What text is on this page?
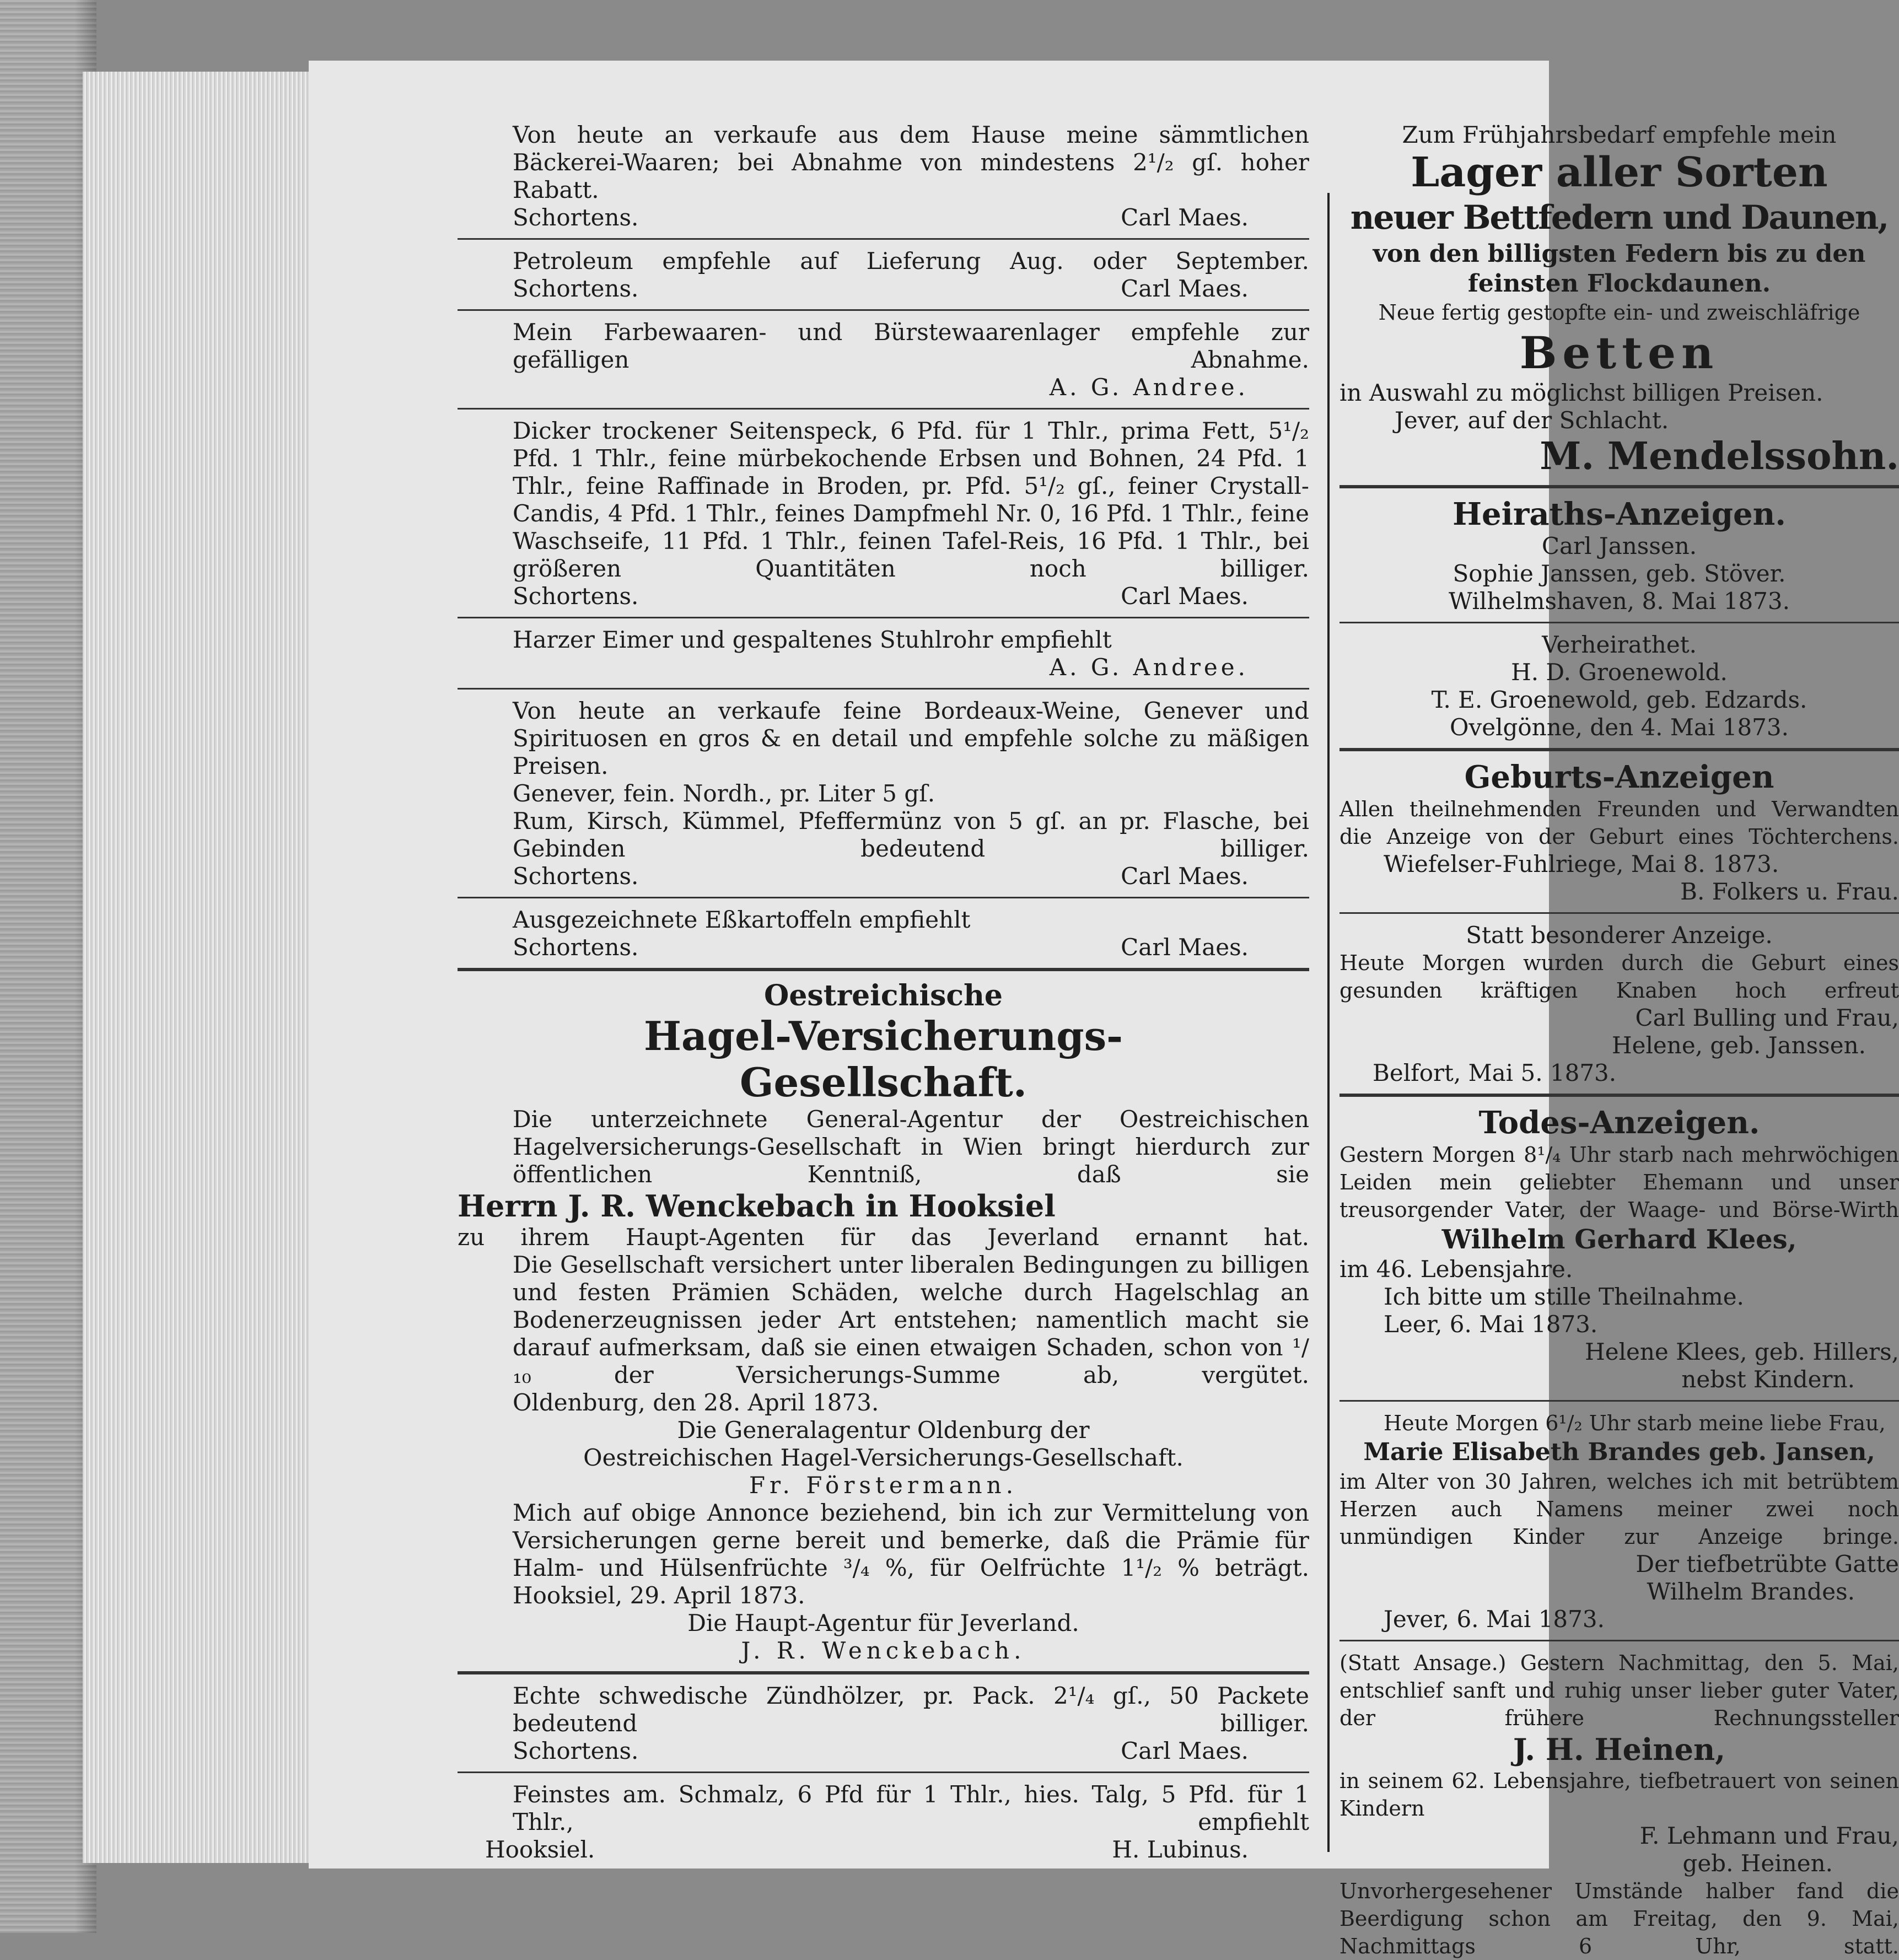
Von heute an verkaufe aus dem Hause meine sämmtlichen Bäckerei-Waaren; bei Abnahme von mindestens 2¹/₂ gſ. hoher Rabatt.

Schortens.	Carl Maes.

Petroleum empfehle auf Lieferung Aug. oder September.

Schortens.	Carl Maes.

Mein Farbewaaren- und Bürstewaarenlager empfehle zur gefälligen Abnahme.

A. G. Andree.

Dicker trockener Seitenspeck, 6 Pfd. für 1 Thlr., prima Fett, 5¹/₂ Pfd. 1 Thlr., feine mürbekochende Erbsen und Bohnen, 24 Pfd. 1 Thlr., feine Raffinade in Broden, pr. Pfd. 5¹/₂ gſ., feiner Crystall-Candis, 4 Pfd. 1 Thlr., feines Dampfmehl Nr. 0, 16 Pfd. 1 Thlr., feine Waschseife, 11 Pfd. 1 Thlr., feinen Tafel-Reis, 16 Pfd. 1 Thlr., bei größeren Quantitäten noch billiger.

Schortens.	Carl Maes.

Harzer Eimer und gespaltenes Stuhlrohr empfiehlt

A. G. Andree.

Von heute an verkaufe feine Bordeaux-Weine, Genever und Spirituosen en gros & en detail und empfehle solche zu mäßigen Preisen.

Genever, fein. Nordh., pr. Liter 5 gſ.

Rum, Kirsch, Kümmel, Pfeffermünz von 5 gſ. an pr. Flasche, bei Gebinden bedeutend billiger.

Schortens.	Carl Maes.

Ausgezeichnete Eßkartoffeln empfiehlt

Schortens.	Carl Maes.

Oestreichische

Hagel-Versicherungs-

Gesellschaft.

Die unterzeichnete General-Agentur der Oestreichischen Hagelversicherungs-Gesellschaft in Wien bringt hierdurch zur öffentlichen Kenntniß, daß sie

Herrn J. R. Wenckebach in Hooksiel

zu ihrem Haupt-Agenten für das Jeverland ernannt hat.

Die Gesellschaft versichert unter liberalen Bedingungen zu billigen und festen Prämien Schäden, welche durch Hagelschlag an Bodenerzeugnissen jeder Art entstehen; namentlich macht sie darauf aufmerksam, daß sie einen etwaigen Schaden, schon von ¹/₁₀ der Versicherungs-Summe ab, vergütet.

Oldenburg, den 28. April 1873.

Die Generalagentur Oldenburg der

Oestreichischen Hagel-Versicherungs-Gesellschaft.

Fr. Förstermann.

Mich auf obige Annonce beziehend, bin ich zur Vermittelung von Versicherungen gerne bereit und bemerke, daß die Prämie für Halm- und Hülsenfrüchte ³/₄ %, für Oelfrüchte 1¹/₂ % beträgt.

Hooksiel, 29. April 1873.

Die Haupt-Agentur für Jeverland.

J. R. Wenckebach.

Echte schwedische Zündhölzer, pr. Pack. 2¹/₄ gſ., 50 Packete bedeutend billiger.

Schortens.	Carl Maes.

Feinstes am. Schmalz, 6 Pfd für 1 Thlr., hies. Talg, 5 Pfd. für 1 Thlr., empfiehlt

Hooksiel.	H. Lubinus.

Zum Frühjahrsbedarf empfehle mein

Lager aller Sorten

neuer Bettfedern und Daunen,

von den billigsten Federn bis zu den feinsten Flockdaunen.

Neue fertig gestopfte ein- und zweischläfrige

Betten

in Auswahl zu möglichst billigen Preisen.

Jever, auf der Schlacht.

M. Mendelssohn.

Heiraths-Anzeigen.

Carl Janssen.

Sophie Janssen, geb. Stöver.

Wilhelmshaven, 8. Mai 1873.

Verheirathet.

H. D. Groenewold.

T. E. Groenewold, geb. Edzards.

Ovelgönne, den 4. Mai 1873.

Geburts-Anzeigen

Allen theilnehmenden Freunden und Verwandten die Anzeige von der Geburt eines Töchterchens.

Wiefelser-Fuhlriege, Mai 8. 1873.

B. Folkers u. Frau.

Statt besonderer Anzeige.

Heute Morgen wurden durch die Geburt eines gesunden kräftigen Knaben hoch erfreut

Carl Bulling und Frau,

Helene, geb. Janssen.

Belfort, Mai 5. 1873.

Todes-Anzeigen.

Gestern Morgen 8¹/₄ Uhr starb nach mehrwöchigen Leiden mein geliebter Ehemann und unser treusorgender Vater, der Waage- und Börse-Wirth

Wilhelm Gerhard Klees,

im 46. Lebensjahre.

Ich bitte um stille Theilnahme.

Leer, 6. Mai 1873.

Helene Klees, geb. Hillers,

nebst Kindern.

Heute Morgen 6¹/₂ Uhr starb meine liebe Frau,

Marie Elisabeth Brandes geb. Jansen,

im Alter von 30 Jahren, welches ich mit betrübtem Herzen auch Namens meiner zwei noch unmündigen Kinder zur Anzeige bringe.

Der tiefbetrübte Gatte

Wilhelm Brandes.

Jever, 6. Mai 1873.

(Statt Ansage.) Gestern Nachmittag, den 5. Mai, entschlief sanft und ruhig unser lieber guter Vater, der frühere Rechnungssteller

J. H. Heinen,

in seinem 62. Lebensjahre, tiefbetrauert von seinen Kindern

F. Lehmann und Frau,

geb. Heinen.

Unvorhergesehener Umstände halber fand die Beerdigung schon am Freitag, den 9. Mai, Nachmittags 6 Uhr, statt.
